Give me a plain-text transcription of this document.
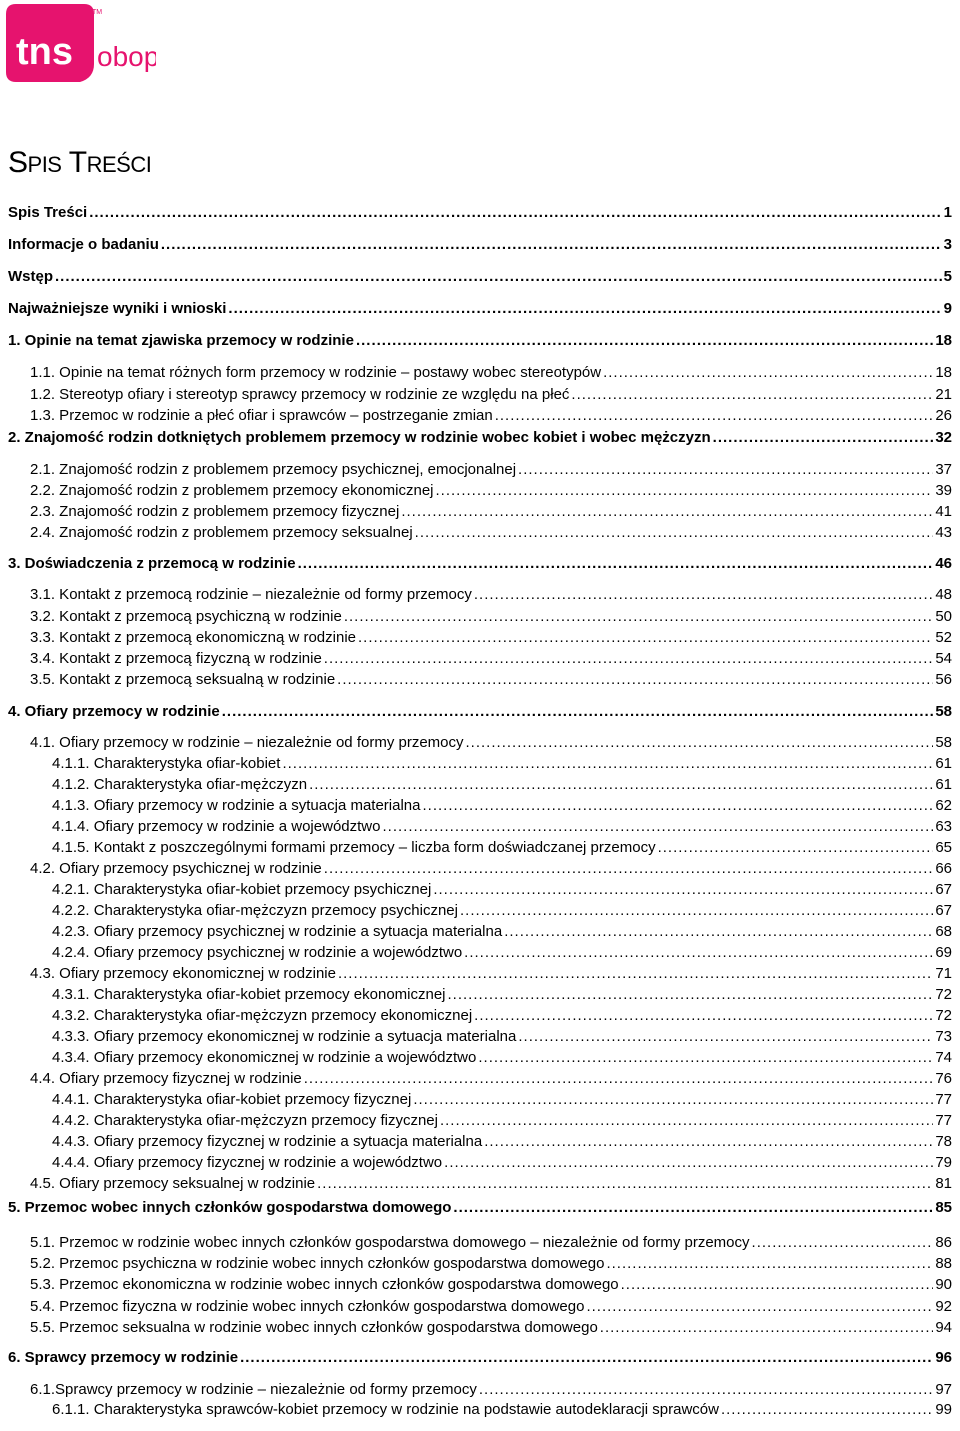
tns obop
TM
SPIS TREŚCI
Spis Treści .....	1
Informacje o badaniu .....	3
Wstęp .....	5
Najważniejsze wyniki i wnioski .....	9
1. Opinie na temat zjawiska przemocy w rodzinie .....	18
1.1. Opinie na temat różnych form przemocy w rodzinie – postawy wobec stereotypów .....	18
1.2. Stereotyp ofiary i stereotyp sprawcy przemocy w rodzinie ze względu na płeć .....	21
1.3. Przemoc w rodzinie a płeć ofiar i sprawców – postrzeganie zmian .....	26
2. Znajomość rodzin dotkniętych problemem przemocy w rodzinie wobec kobiet i wobec mężczyzn .....	32
2.1. Znajomość rodzin z problemem przemocy psychicznej, emocjonalnej .....	37
2.2. Znajomość rodzin z problemem przemocy ekonomicznej .....	39
2.3. Znajomość rodzin z problemem przemocy fizycznej .....	41
2.4. Znajomość rodzin z problemem przemocy seksualnej .....	43
3. Doświadczenia z przemocą w rodzinie .....	46
3.1. Kontakt z przemocą rodzinie – niezależnie od formy przemocy .....	48
3.2. Kontakt z przemocą psychiczną w rodzinie .....	50
3.3. Kontakt z przemocą ekonomiczną w rodzinie .....	52
3.4. Kontakt z przemocą fizyczną w rodzinie .....	54
3.5. Kontakt z przemocą seksualną w rodzinie .....	56
4. Ofiary przemocy w rodzinie .....	58
4.1. Ofiary przemocy w rodzinie – niezależnie od formy przemocy .....	58
4.1.1. Charakterystyka ofiar-kobiet .....	61
4.1.2. Charakterystyka ofiar-mężczyzn .....	61
4.1.3. Ofiary przemocy w rodzinie a sytuacja materialna .....	62
4.1.4. Ofiary przemocy w rodzinie a województwo .....	63
4.1.5. Kontakt z poszczególnymi formami przemocy – liczba form doświadczanej przemocy .....	65
4.2. Ofiary przemocy psychicznej w rodzinie .....	66
4.2.1. Charakterystyka ofiar-kobiet przemocy psychicznej .....	67
4.2.2. Charakterystyka ofiar-mężczyzn przemocy psychicznej .....	67
4.2.3. Ofiary przemocy psychicznej w rodzinie a sytuacja materialna .....	68
4.2.4. Ofiary przemocy psychicznej w rodzinie a województwo .....	69
4.3. Ofiary przemocy ekonomicznej w rodzinie .....	71
4.3.1. Charakterystyka ofiar-kobiet przemocy ekonomicznej .....	72
4.3.2. Charakterystyka ofiar-mężczyzn przemocy ekonomicznej .....	72
4.3.3. Ofiary przemocy ekonomicznej w rodzinie a sytuacja materialna .....	73
4.3.4. Ofiary przemocy ekonomicznej w rodzinie a województwo .....	74
4.4. Ofiary przemocy fizycznej w rodzinie .....	76
4.4.1. Charakterystyka ofiar-kobiet przemocy fizycznej .....	77
4.4.2. Charakterystyka ofiar-mężczyzn przemocy fizycznej .....	77
4.4.3. Ofiary przemocy fizycznej w rodzinie a sytuacja materialna .....	78
4.4.4. Ofiary przemocy fizycznej w rodzinie a województwo .....	79
4.5. Ofiary przemocy seksualnej w rodzinie .....	81
5. Przemoc wobec innych członków gospodarstwa domowego .....	85
5.1. Przemoc w rodzinie wobec innych członków gospodarstwa domowego – niezależnie od formy przemocy .....	86
5.2. Przemoc psychiczna w rodzinie wobec innych członków gospodarstwa domowego .....	88
5.3. Przemoc ekonomiczna w rodzinie wobec innych członków gospodarstwa domowego .....	90
5.4. Przemoc fizyczna w rodzinie wobec innych członków gospodarstwa domowego .....	92
5.5. Przemoc seksualna w rodzinie wobec innych członków gospodarstwa domowego .....	94
6. Sprawcy przemocy w rodzinie .....	96
6.1.Sprawcy przemocy w rodzinie – niezależnie od formy przemocy .....	97
6.1.1. Charakterystyka sprawców-kobiet przemocy w rodzinie na podstawie autodeklaracji sprawców .....	99
